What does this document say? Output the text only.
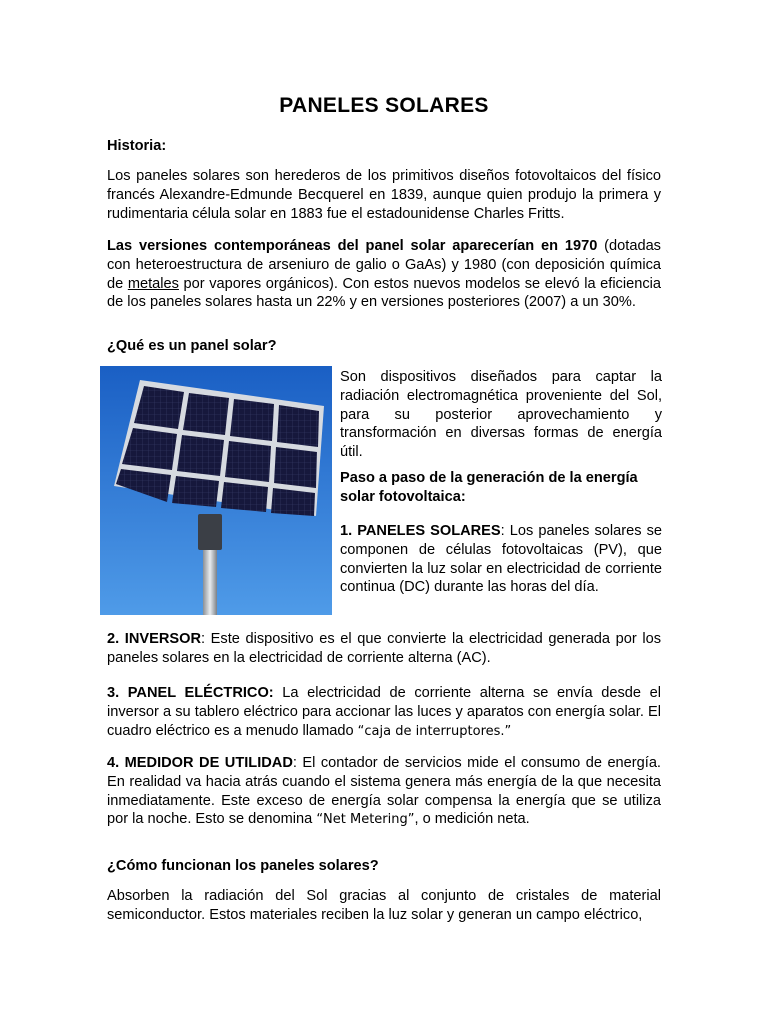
PANELES SOLARES
Historia:

Los paneles solares son herederos de los primitivos diseños fotovoltaicos del físico francés Alexandre-Edmunde Becquerel en 1839, aunque quien produjo la primera y rudimentaria célula solar en 1883 fue el estadounidense Charles Fritts.

Las versiones contemporáneas del panel solar aparecerían en 1970 (dotadas con heteroestructura de arseniuro de galio o GaAs) y 1980 (con deposición química de metales por vapores orgánicos). Con estos nuevos modelos se elevó la eficiencia de los paneles solares hasta un 22% y en versiones posteriores (2007) a un 30%.

¿Qué es un panel solar?

Son dispositivos diseñados para captar la radiación electromagnética proveniente del Sol, para su posterior aprovechamiento y transformación en diversas formas de energía útil.

Paso a paso de la generación de la energía solar fotovoltaica:

1. PANELES SOLARES: Los paneles solares se componen de células fotovoltaicas (PV), que convierten la luz solar en electricidad de corriente continua (DC) durante las horas del día.

2. INVERSOR: Este dispositivo es el que convierte la electricidad generada por los paneles solares en la electricidad de corriente alterna (AC).

3. PANEL ELÉCTRICO: La electricidad de corriente alterna se envía desde el inversor a su tablero eléctrico para accionar las luces y aparatos con energía solar. El cuadro eléctrico es a menudo llamado “caja de interruptores.”

4. MEDIDOR DE UTILIDAD: El contador de servicios mide el consumo de energía. En realidad va hacia atrás cuando el sistema genera más energía de la que necesita inmediatamente. Este exceso de energía solar compensa la energía que se utiliza por la noche. Esto se denomina “Net Metering”, o medición neta.

¿Cómo funcionan los paneles solares?

Absorben la radiación del Sol gracias al conjunto de cristales de material semiconductor. Estos materiales reciben la luz solar y generan un campo eléctrico,
